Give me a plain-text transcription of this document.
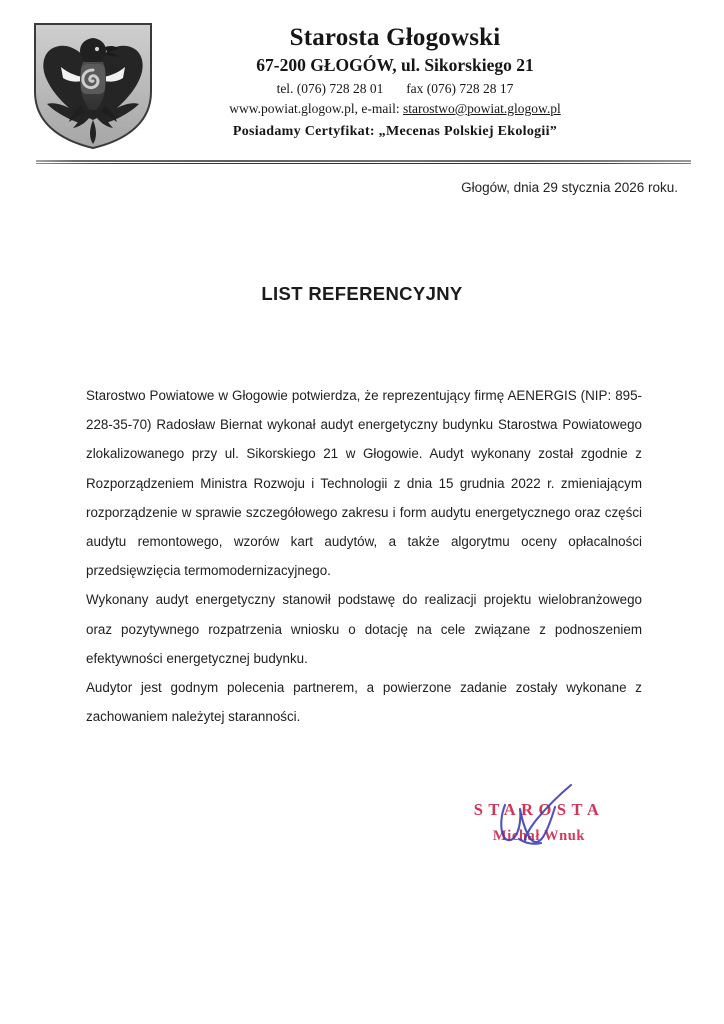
Starosta Głogowski
67-200 GŁOGÓW, ul. Sikorskiego 21
tel. (076) 728 28 01 fax (076) 728 28 17
www.powiat.glogow.pl, e-mail: starostwo@powiat.glogow.pl
Posiadamy Certyfikat: „Mecenas Polskiej Ekologii”
Głogów, dnia 29 stycznia 2026 roku.
LIST REFERENCYJNY

Starostwo Powiatowe w Głogowie potwierdza, że reprezentujący firmę AENERGIS (NIP: 895-228-35-70) Radosław Biernat wykonał audyt energetyczny budynku Starostwa Powiatowego zlokalizowanego przy ul. Sikorskiego 21 w Głogowie. Audyt wykonany został zgodnie z Rozporządzeniem Ministra Rozwoju i Technologii z dnia 15 grudnia 2022 r. zmieniającym rozporządzenie w sprawie szczegółowego zakresu i form audytu energetycznego oraz części audytu remontowego, wzorów kart audytów, a także algorytmu oceny opłacalności przedsięwzięcia termomodernizacyjnego.

Wykonany audyt energetyczny stanowił podstawę do realizacji projektu wielobranżowego oraz pozytywnego rozpatrzenia wniosku o dotację na cele związane z podnoszeniem efektywności energetycznej budynku.

Audytor jest godnym polecenia partnerem, a powierzone zadanie zostały wykonane z zachowaniem należytej staranności.

STAROSTA
Michał Wnuk
